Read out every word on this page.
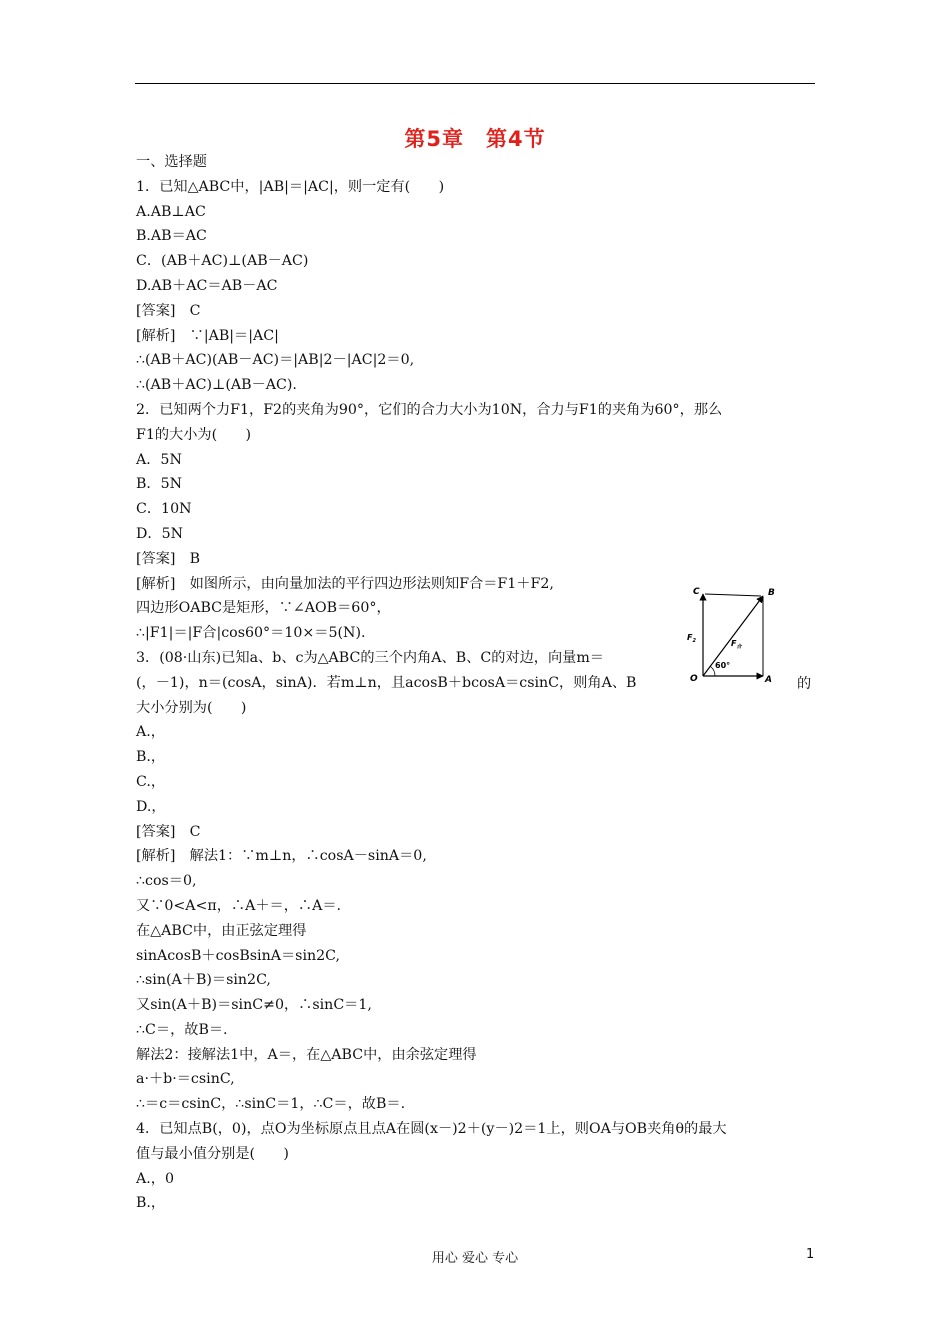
第5章　第4节
一、选择题
1．已知△ABC中，|AB|＝|AC|，则一定有(　　)
A.AB⊥AC
B.AB＝AC
C．(AB＋AC)⊥(AB－AC)
D.AB＋AC＝AB－AC
[答案]　C
[解析]　∵|AB|＝|AC|
∴(AB＋AC)(AB－AC)＝|AB|2－|AC|2＝0,
∴(AB＋AC)⊥(AB－AC).
2．已知两个力F1，F2的夹角为90°，它们的合力大小为10N，合力与F1的夹角为60°，那么
F1的大小为(　　)
A．5N
B．5N
C．10N
D．5N
[答案]　B
[解析]　如图所示，由向量加法的平行四边形法则知F合＝F1＋F2,
四边形OABC是矩形，∵∠AOB＝60°，
∴|F1|＝|F合|cos60°＝10×＝5(N).
3．(08·山东)已知a、b、c为△ABC的三个内角A、B、C的对边，向量m＝
(，－1)，n＝(cosA，sinA)．若m⊥n，且acosB＋bcosA＝csinC，则角A、B
大小分别为(　　)
A.，
B.，
C.，
D.，
[答案]　C
[解析]　解法1：∵m⊥n，∴cosA－sinA＝0,
∴cos＝0,
又∵0<A<π，∴A＋＝，∴A＝.
在△ABC中，由正弦定理得
sinAcosB＋cosBsinA＝sin2C,
∴sin(A＋B)＝sin2C,
又sin(A＋B)＝sinC≠0，∴sinC＝1,
∴C＝，故B＝.
解法2：接解法1中，A＝，在△ABC中，由余弦定理得
a·＋b·＝csinC,
∴＝c＝csinC，∴sinC＝1，∴C＝，故B＝.
4．已知点B(，0)，点O为坐标原点且点A在圆(x－)2＋(y－)2＝1上，则OA与OB夹角θ的最大
值与最小值分别是(　　)
A.，0
B.，
C	B
O	A
60°
$F_2$	$F_合$
的
用心 爱心 专心	1
